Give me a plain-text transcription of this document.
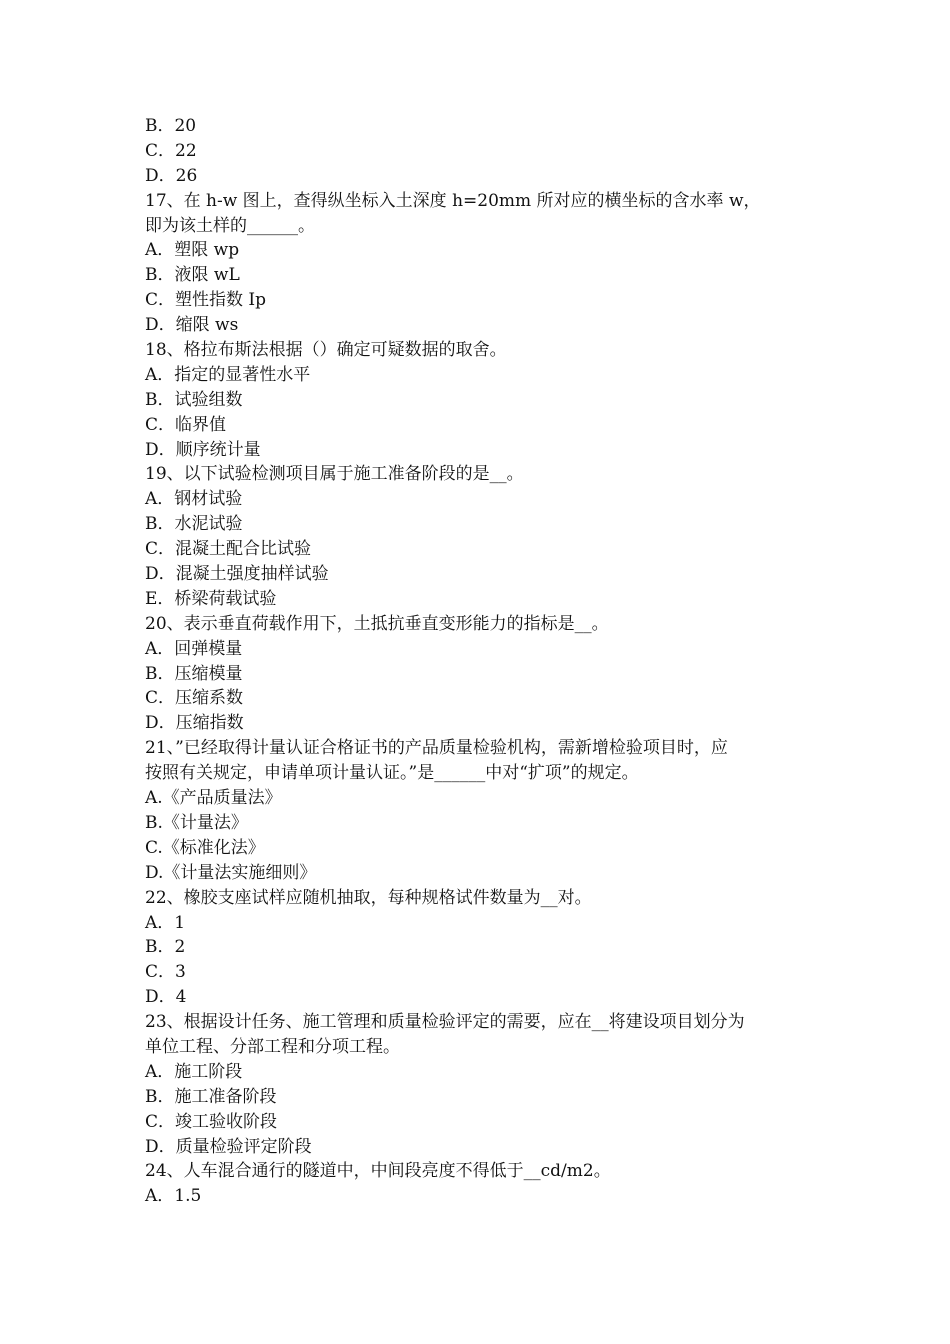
B．20
C．22
D．26
17、在 h-w 图上，查得纵坐标入土深度 h=20mm 所对应的横坐标的含水率 w，
即为该土样的______。
A．塑限 wp
B．液限 wL
C．塑性指数 Ip
D．缩限 ws
18、格拉布斯法根据（）确定可疑数据的取舍。
A．指定的显著性水平
B．试验组数
C．临界值
D．顺序统计量
19、以下试验检测项目属于施工准备阶段的是__。
A．钢材试验
B．水泥试验
C．混凝土配合比试验
D．混凝土强度抽样试验
E．桥梁荷载试验
20、表示垂直荷载作用下，土抵抗垂直变形能力的指标是__。
A．回弹模量
B．压缩模量
C．压缩系数
D．压缩指数
21、”已经取得计量认证合格证书的产品质量检验机构，需新增检验项目时，应
按照有关规定，申请单项计量认证。”是______中对“扩项”的规定。
A.《产品质量法》
B.《计量法》
C.《标准化法》
D.《计量法实施细则》
22、橡胶支座试样应随机抽取，每种规格试件数量为__对。
A．1
B．2
C．3
D．4
23、根据设计任务、施工管理和质量检验评定的需要，应在__将建设项目划分为
单位工程、分部工程和分项工程。
A．施工阶段
B．施工准备阶段
C．竣工验收阶段
D．质量检验评定阶段
24、人车混合通行的隧道中，中间段亮度不得低于__cd/m2。
A．1.5
